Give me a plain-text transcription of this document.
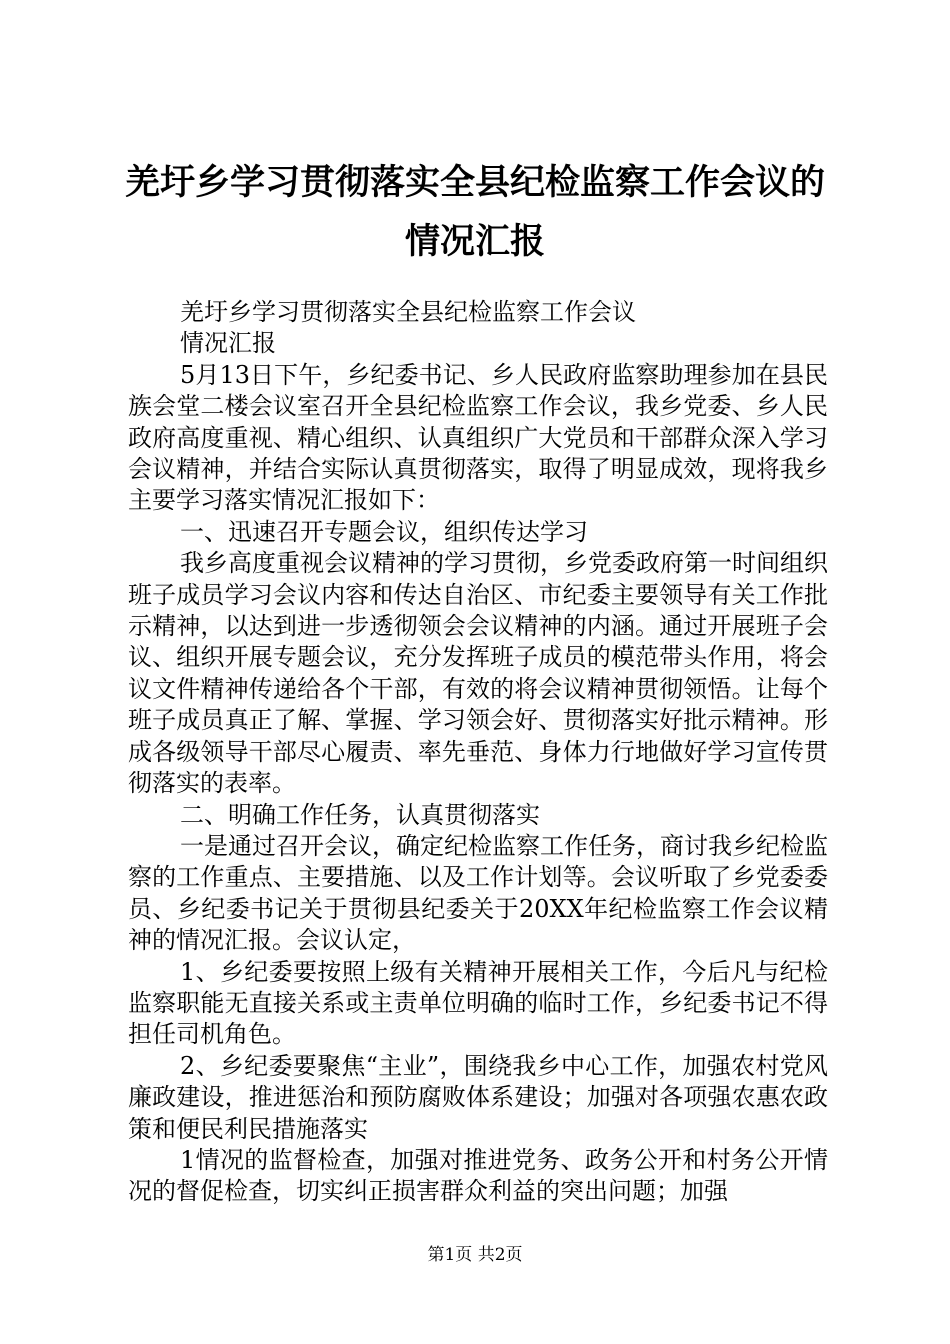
羌圩乡学习贯彻落实全县纪检监察工作会议的
情况汇报

羌圩乡学习贯彻落实全县纪检监察工作会议

情况汇报

5月13日下午，乡纪委书记、乡人民政府监察助理参加在县民族会堂二楼会议室召开全县纪检监察工作会议，我乡党委、乡人民政府高度重视、精心组织、认真组织广大党员和干部群众深入学习会议精神，并结合实际认真贯彻落实，取得了明显成效，现将我乡主要学习落实情况汇报如下：

一、迅速召开专题会议，组织传达学习

我乡高度重视会议精神的学习贯彻，乡党委政府第一时间组织班子成员学习会议内容和传达自治区、市纪委主要领导有关工作批示精神，以达到进一步透彻领会会议精神的内涵。通过开展班子会议、组织开展专题会议，充分发挥班子成员的模范带头作用，将会议文件精神传递给各个干部，有效的将会议精神贯彻领悟。让每个班子成员真正了解、掌握、学习领会好、贯彻落实好批示精神。形成各级领导干部尽心履责、率先垂范、身体力行地做好学习宣传贯彻落实的表率。

二、明确工作任务，认真贯彻落实

一是通过召开会议，确定纪检监察工作任务，商讨我乡纪检监察的工作重点、主要措施、以及工作计划等。会议听取了乡党委委员、乡纪委书记关于贯彻县纪委关于20XX年纪检监察工作会议精神的情况汇报。会议认定，

1、乡纪委要按照上级有关精神开展相关工作，今后凡与纪检监察职能无直接关系或主责单位明确的临时工作，乡纪委书记不得担任司机角色。

2、乡纪委要聚焦“主业”，围绕我乡中心工作，加强农村党风廉政建设，推进惩治和预防腐败体系建设；加强对各项强农惠农政策和便民利民措施落实

1情况的监督检查，加强对推进党务、政务公开和村务公开情况的督促检查，切实纠正损害群众利益的突出问题；加强

第1页 共2页
